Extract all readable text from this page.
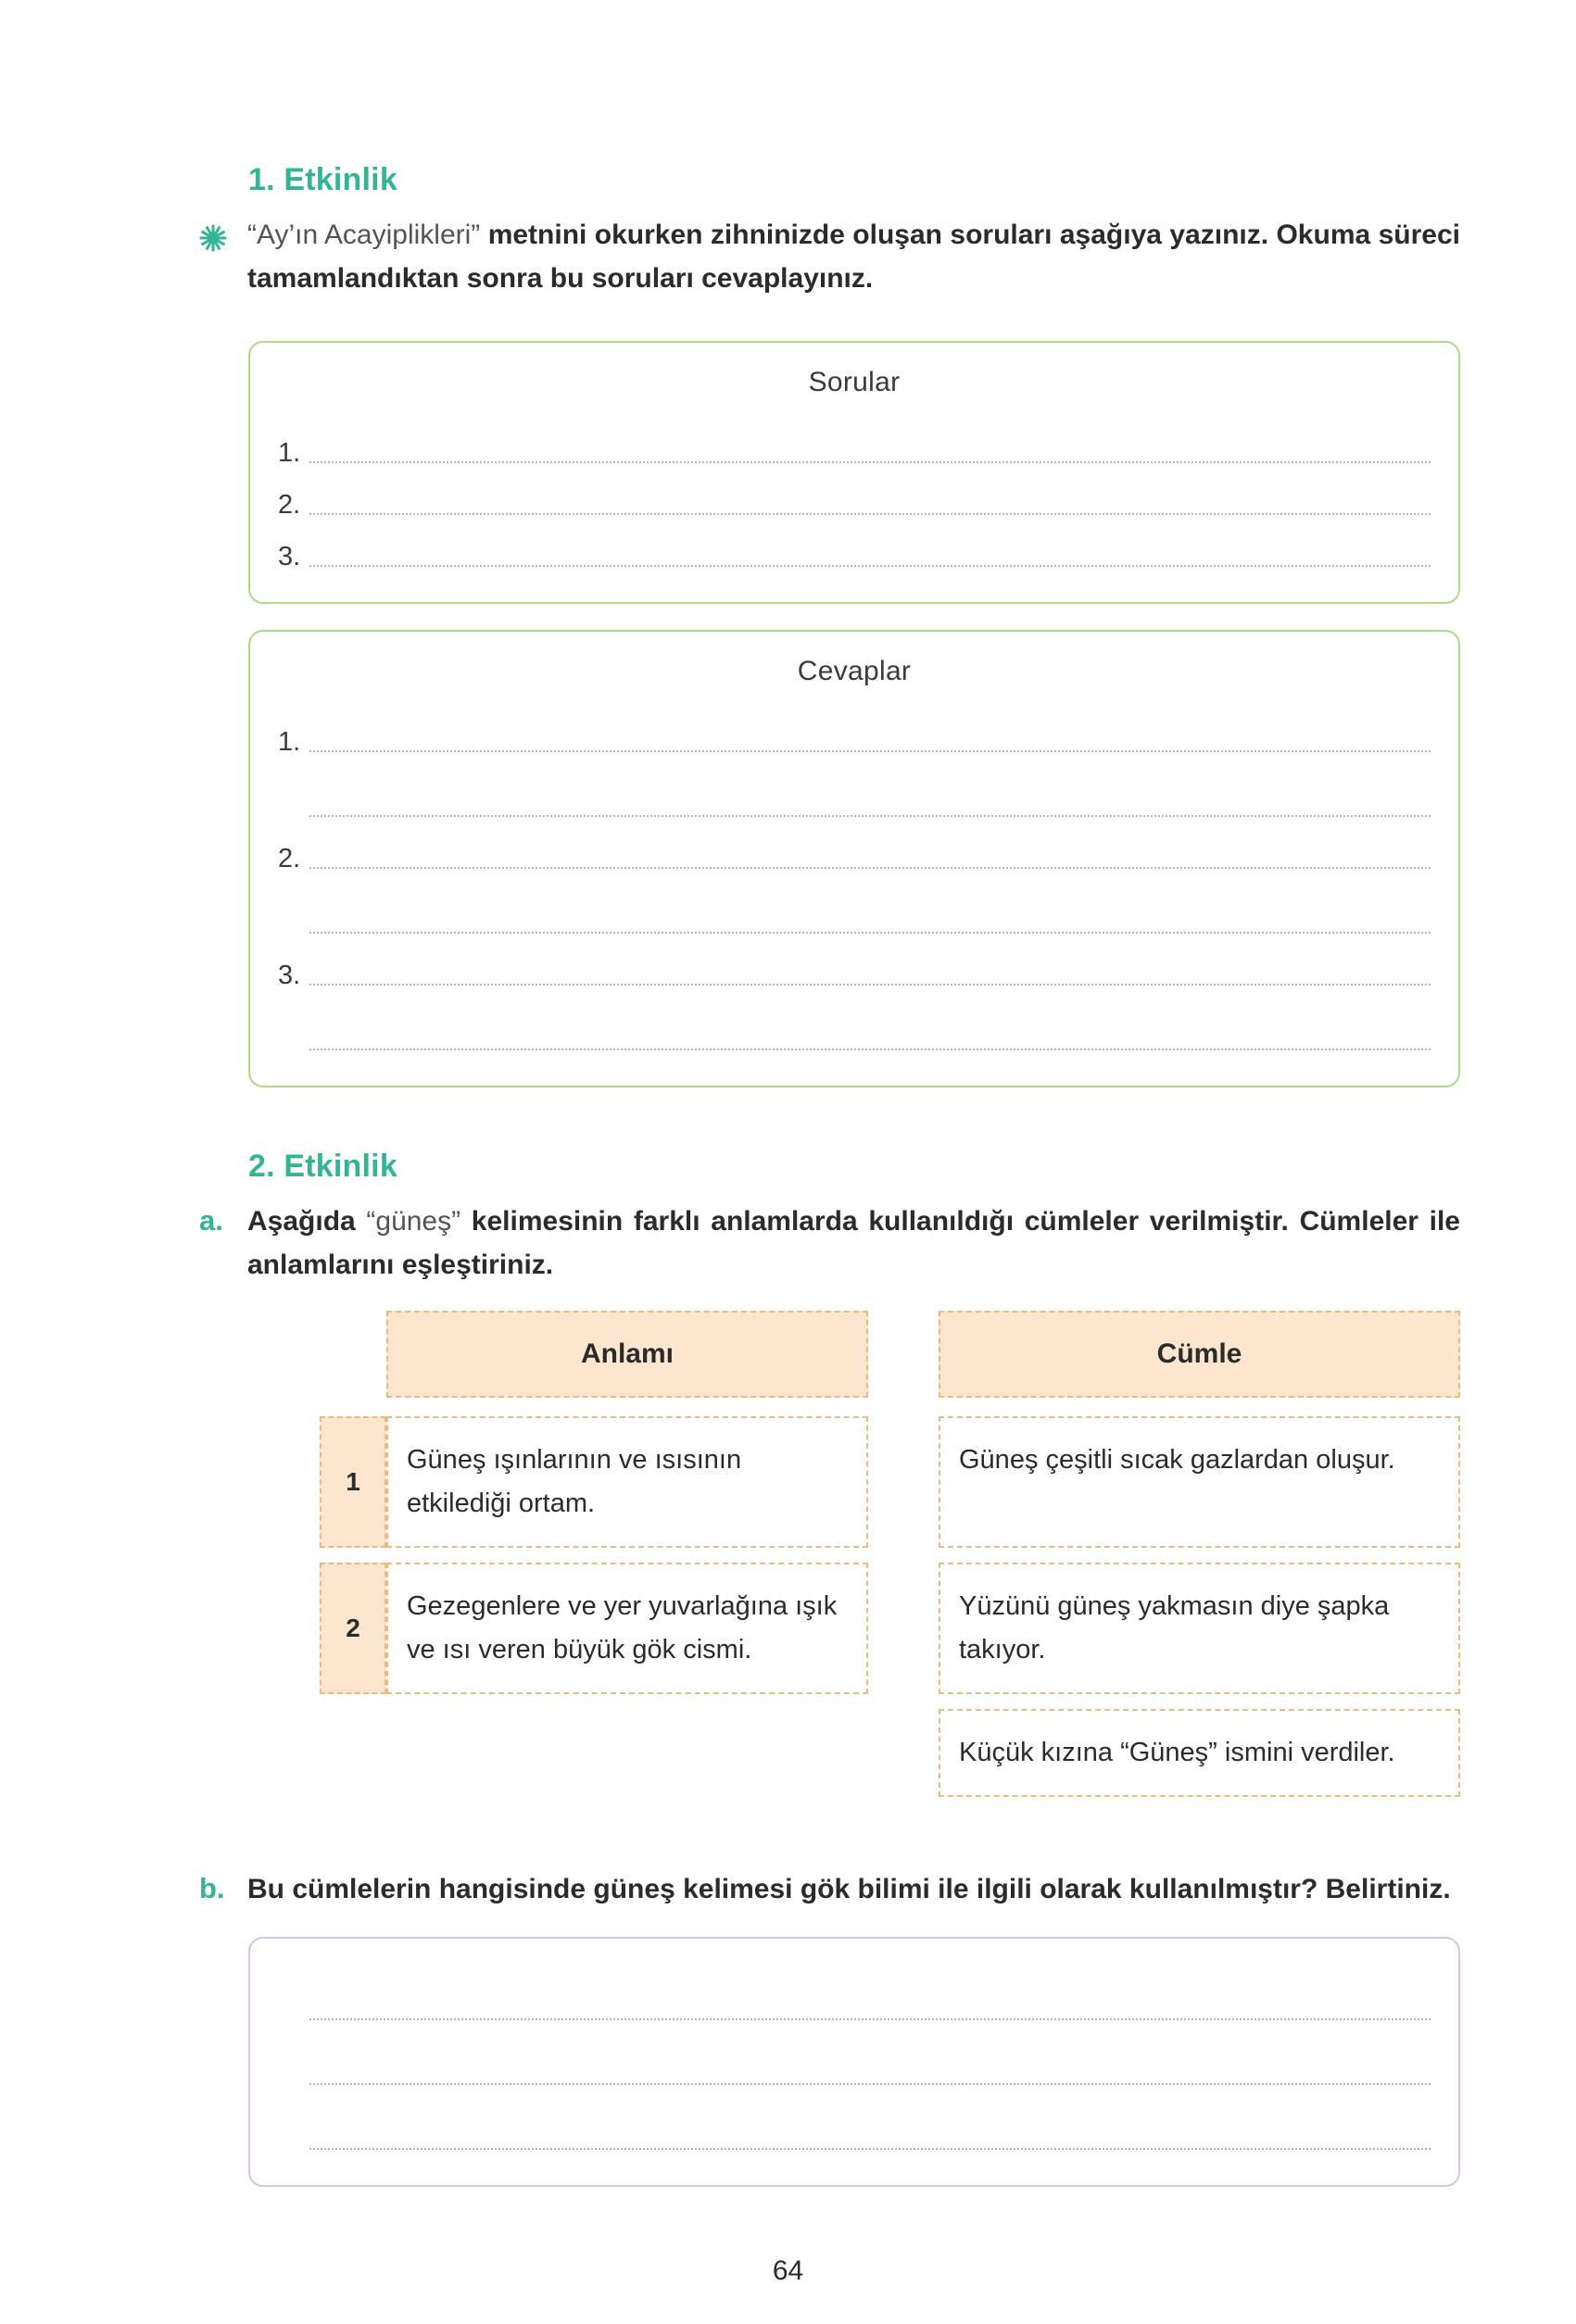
1. Etkinlik
“Ay’ın Acayiplikleri” metnini okurken zihninizde oluşan soruları aşağıya yazınız. Okuma süreci tamamlandıktan sonra bu soruları cevaplayınız.
Sorular
1.
2.
3.
Cevaplar
1.
2.
3.
2. Etkinlik
a. Aşağıda “güneş” kelimesinin farklı anlamlarda kullanıldığı cümleler verilmiştir. Cümleler ile anlamlarını eşleştiriniz.
Anlamı	Cümle
1
Güneş ışınlarının ve ısısının etkilediği ortam.
Güneş çeşitli sıcak gazlardan oluşur.
2
Gezegenlere ve yer yuvarlağına ışık ve ısı veren büyük gök cismi.
Yüzünü güneş yakmasın diye şapka takıyor.
Küçük kızına “Güneş” ismini verdiler.
b. Bu cümlelerin hangisinde güneş kelimesi gök bilimi ile ilgili olarak kullanılmıştır? Belirtiniz.
64
